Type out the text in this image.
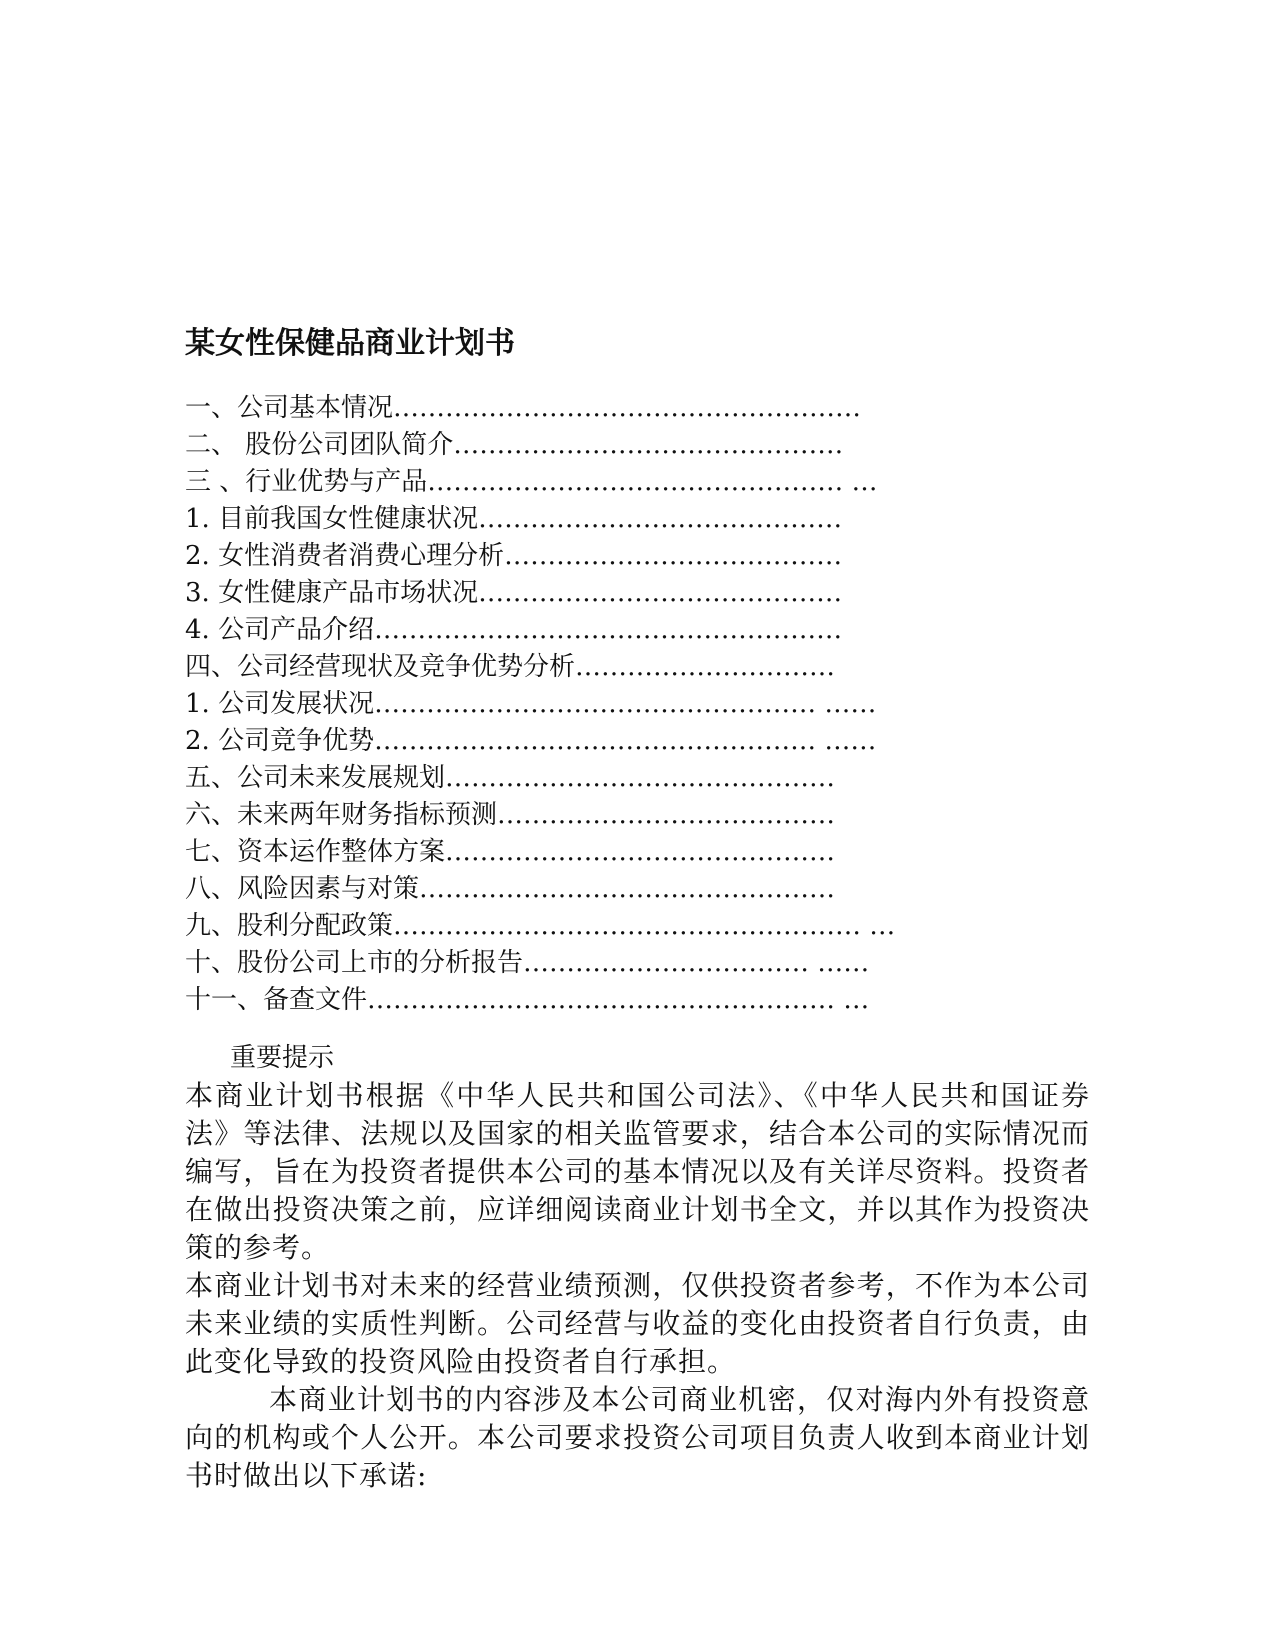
某女性保健品商业计划书
一、公司基本情况………………………………………………
二、 股份公司团队简介………………………………………
三 、行业优势与产品………………………………………… …
1. 目前我国女性健康状况……………………………………
2. 女性消费者消费心理分析…………………………………
3. 女性健康产品市场状况……………………………………
4. 公司产品介绍………………………………………………
四、公司经营现状及竞争优势分析…………………………
1. 公司发展状况…………………………………………… ……
2. 公司竞争优势…………………………………………… ……
五、公司未来发展规划………………………………………
六、未来两年财务指标预测…………………………………
七、资本运作整体方案………………………………………
八、风险因素与对策…………………………………………
九、股利分配政策……………………………………………… …
十、股份公司上市的分析报告…………………………… ……
十一、备查文件……………………………………………… …
重要提示

本商业计划书根据《中华人民共和国公司法》、《中华人民共和国证券法》等法律、法规以及国家的相关监管要求，结合本公司的实际情况而编写，旨在为投资者提供本公司的基本情况以及有关详尽资料。投资者在做出投资决策之前，应详细阅读商业计划书全文，并以其作为投资决策的参考。

本商业计划书对未来的经营业绩预测，仅供投资者参考，不作为本公司未来业绩的实质性判断。公司经营与收益的变化由投资者自行负责，由此变化导致的投资风险由投资者自行承担。

本商业计划书的内容涉及本公司商业机密，仅对海内外有投资意向的机构或个人公开。本公司要求投资公司项目负责人收到本商业计划书时做出以下承诺:
